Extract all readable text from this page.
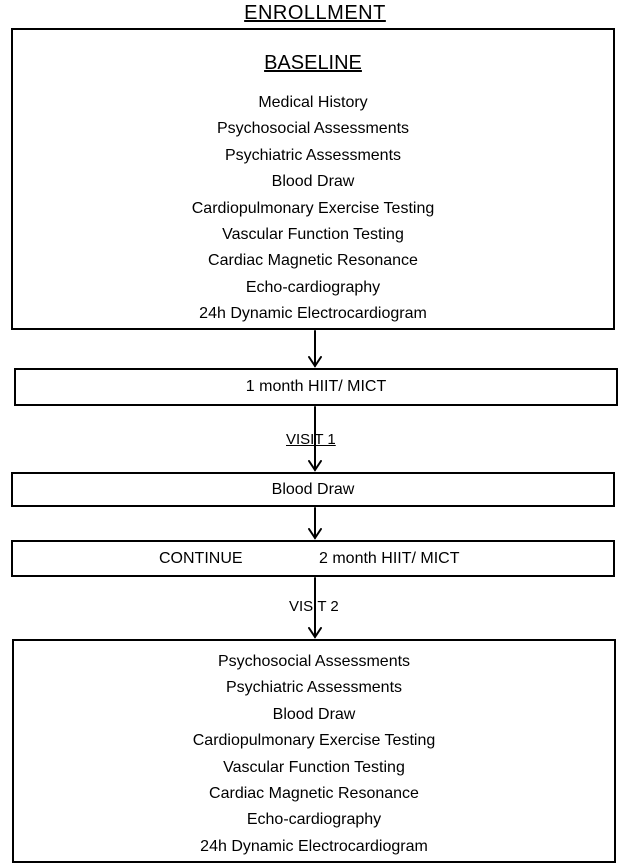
ENROLLMENT
BASELINE
Medical History
Psychosocial Assessments
Psychiatric Assessments
Blood Draw
Cardiopulmonary Exercise Testing
Vascular Function Testing
Cardiac Magnetic Resonance
Echo-cardiography
24h Dynamic Electrocardiogram
1 month HIIT/ MICT
VISIT 1
Blood Draw
CONTINUE	2 month HIIT/ MICT
VISIT 2
Psychosocial Assessments
Psychiatric Assessments
Blood Draw
Cardiopulmonary Exercise Testing
Vascular Function Testing
Cardiac Magnetic Resonance
Echo-cardiography
24h Dynamic Electrocardiogram
